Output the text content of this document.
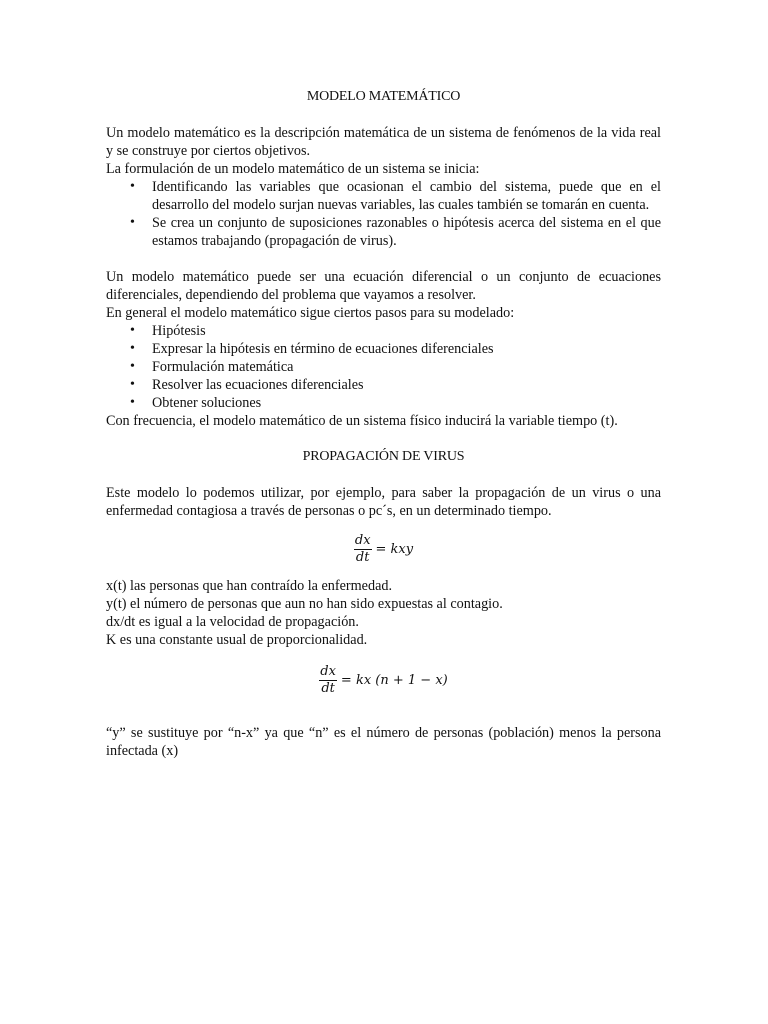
MODELO MATEMÁTICO

Un modelo matemático es la descripción matemática de un sistema de fenómenos de la vida real y se construye por ciertos objetivos.

La formulación de un modelo matemático de un sistema se inicia:

• Identificando las variables que ocasionan el cambio del sistema, puede que en el desarrollo del modelo surjan nuevas variables, las cuales también se tomarán en cuenta.
• Se crea un conjunto de suposiciones razonables o hipótesis acerca del sistema en el que estamos trabajando (propagación de virus).

Un modelo matemático puede ser una ecuación diferencial o un conjunto de ecuaciones diferenciales, dependiendo del problema que vayamos a resolver.

En general el modelo matemático sigue ciertos pasos para su modelado:

• Hipótesis
• Expresar la hipótesis en término de ecuaciones diferenciales
• Formulación matemática
• Resolver las ecuaciones diferenciales
• Obtener soluciones

Con frecuencia, el modelo matemático de un sistema físico inducirá la variable tiempo (t).

PROPAGACIÓN DE VIRUS

Este modelo lo podemos utilizar, por ejemplo, para saber la propagación de un virus o una enfermedad contagiosa a través de personas o pc´s, en un determinado tiempo.

$\frac{dx}{dt}$ = kxy

x(t) las personas que han contraído la enfermedad.

y(t) el número de personas que aun no han sido expuestas al contagio.

dx/dt es igual a la velocidad de propagación.

K es una constante usual de proporcionalidad.

$\frac{dx}{dt}$ = kx (n + 1 − x)

“y” se sustituye por “n-x” ya que “n” es el número de personas (población) menos la persona infectada (x)
